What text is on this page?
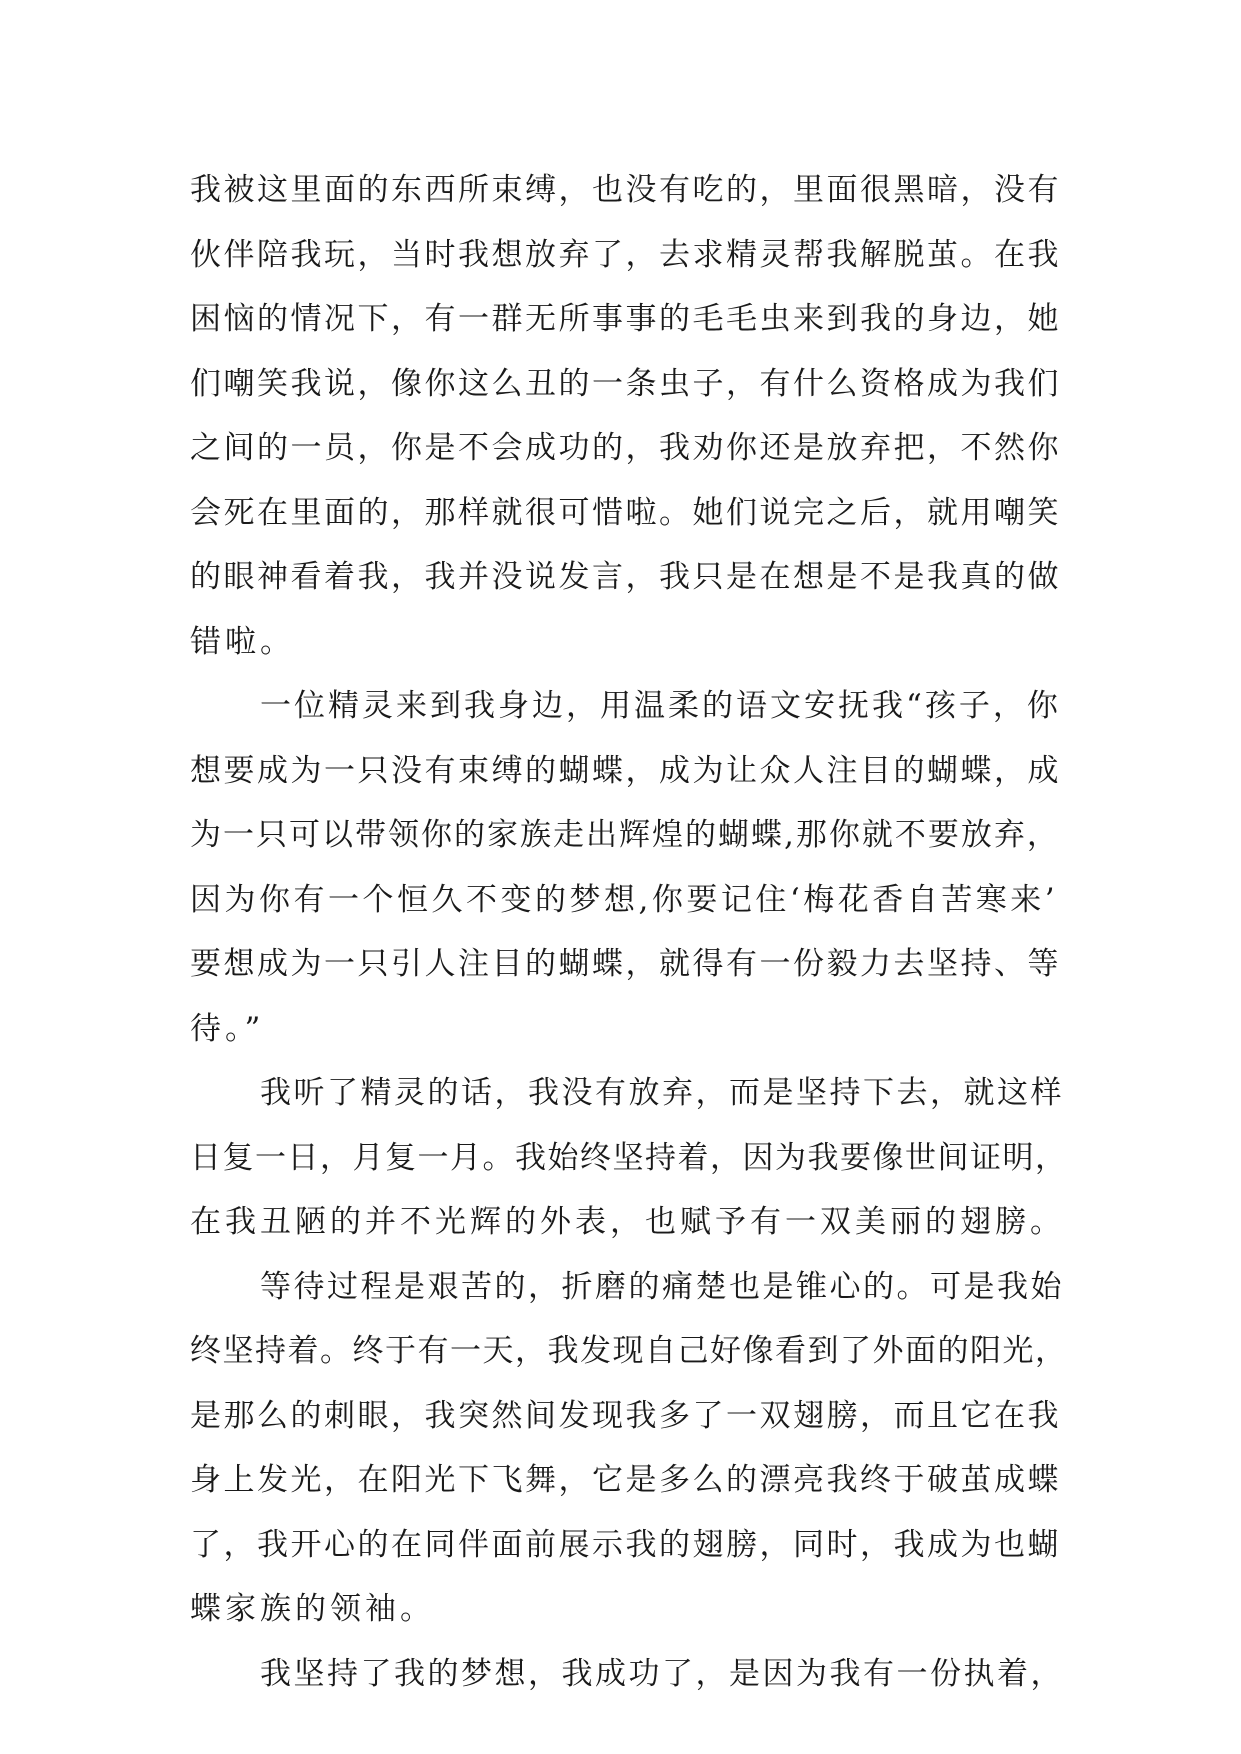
我被这里面的东西所束缚，也没有吃的，里面很黑暗，没有
伙伴陪我玩，当时我想放弃了，去求精灵帮我解脱茧。在我
困恼的情况下，有一群无所事事的毛毛虫来到我的身边，她
们嘲笑我说，像你这么丑的一条虫子，有什么资格成为我们
之间的一员，你是不会成功的，我劝你还是放弃把，不然你
会死在里面的，那样就很可惜啦。她们说完之后，就用嘲笑
的眼神看着我，我并没说发言，我只是在想是不是我真的做
错啦。
一位精灵来到我身边，用温柔的语文安抚我“孩子，你
想要成为一只没有束缚的蝴蝶，成为让众人注目的蝴蝶，成
为一只可以带领你的家族走出辉煌的蝴蝶,那你就不要放弃，
因为你有一个恒久不变的梦想,你要记住‘梅花香自苦寒来’
要想成为一只引人注目的蝴蝶，就得有一份毅力去坚持、等
待。”
我听了精灵的话，我没有放弃，而是坚持下去，就这样
日复一日，月复一月。我始终坚持着，因为我要像世间证明，
在我丑陋的并不光辉的外表，也赋予有一双美丽的翅膀。
等待过程是艰苦的，折磨的痛楚也是锥心的。可是我始
终坚持着。终于有一天，我发现自己好像看到了外面的阳光，
是那么的刺眼，我突然间发现我多了一双翅膀，而且它在我
身上发光，在阳光下飞舞，它是多么的漂亮我终于破茧成蝶
了，我开心的在同伴面前展示我的翅膀，同时，我成为也蝴
蝶家族的领袖。
我坚持了我的梦想，我成功了，是因为我有一份执着，
